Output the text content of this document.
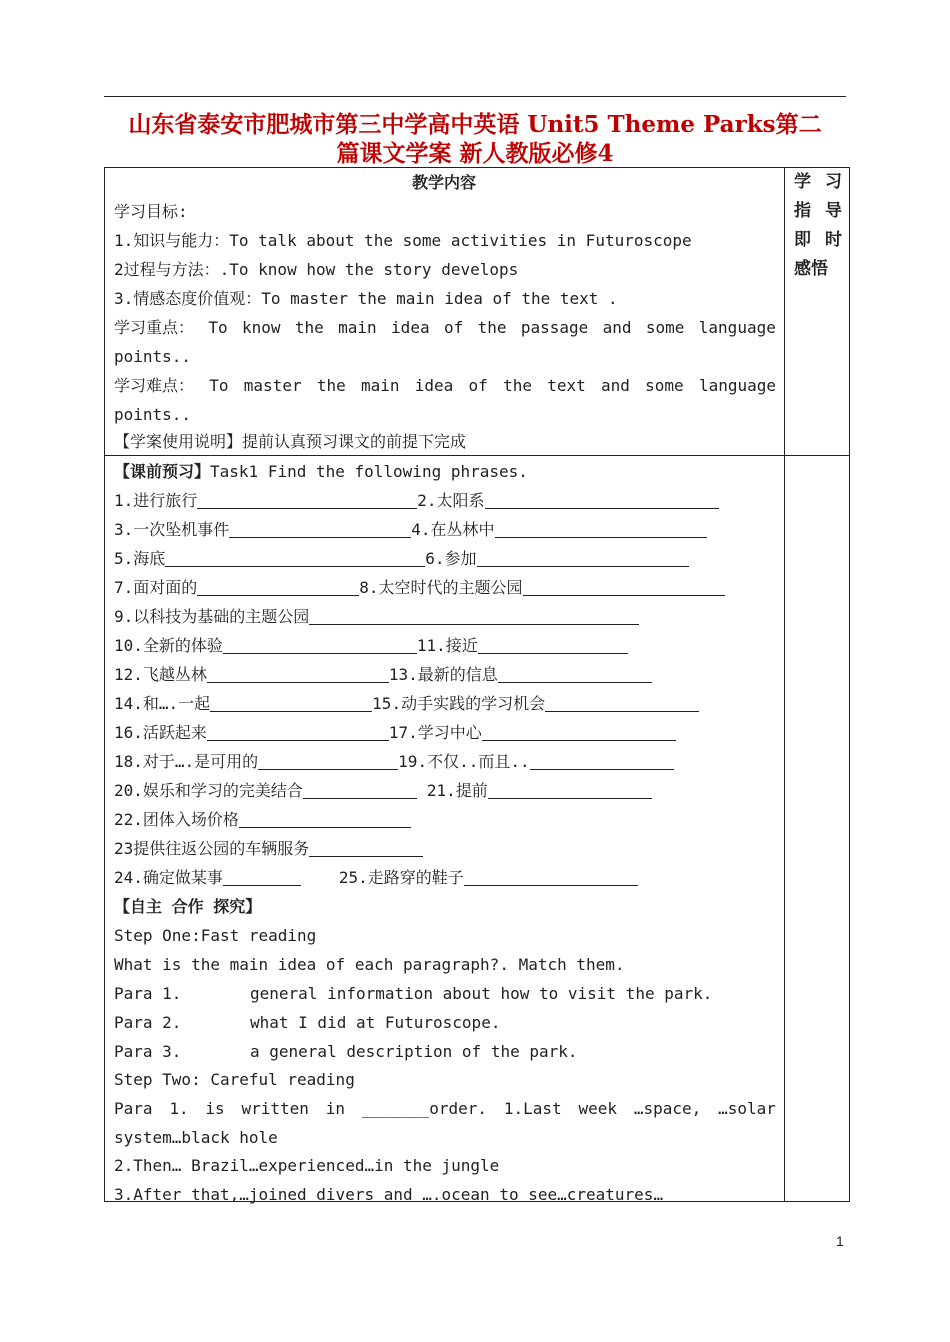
山东省泰安市肥城市第三中学高中英语 Unit5 Theme Parks第二
篇课文学案 新人教版必修4
学 习
指 导
即 时
感悟
教学内容
学习目标:
1.知识与能力：To talk about the some activities in Futuroscope
2过程与方法：.To know how the story develops
3.情感态度价值观：To master the main idea of the text .
学习重点： To know the main idea of the passage and some language
points..
学习难点： To master the main idea of the text and some language
points..
【学案使用说明】提前认真预习课文的前提下完成
【课前预习】Task1 Find the following phrases.
1.进行旅行	2.太阳系
3.一次坠机事件	4.在丛林中
5.海底	6.参加
7.面对面的	8.太空时代的主题公园
9.以科技为基础的主题公园
10.全新的体验	11.接近
12.飞越丛林	13.最新的信息
14.和….一起	15.动手实践的学习机会
16.活跃起来	17.学习中心
18.对于….是可用的	19.不仅..而且..
20.娱乐和学习的完美结合	21.提前
22.团体入场价格
23提供往返公园的车辆服务
24.确定做某事	25.走路穿的鞋子
【自主 合作 探究】
Step One:Fast reading
What is the main idea of each paragraph?. Match them.
Para 1.	general information about how to visit the park.
Para 2.	what I did at Futuroscope.
Para 3.	a general description of the park.
Step Two: Careful reading
Para 1. is written in _______order. 1.Last week …space, …solar
system…black hole
2.Then… Brazil…experienced…in the jungle
3.After that,…joined divers and ….ocean to see…creatures…
1
